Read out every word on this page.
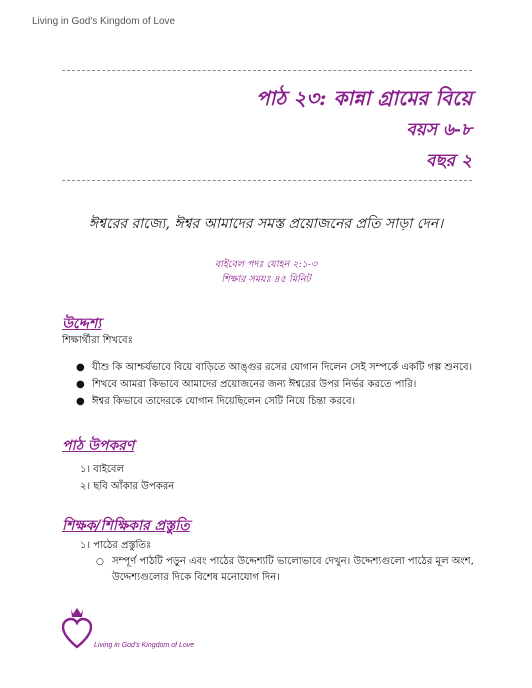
Living in God's Kingdom of Love
পাঠ ২৩: কান্না গ্রামের বিয়ে
বয়স ৬-৮
বছর ২
ঈশ্বরের রাজ্যে, ঈশ্বর আমাদের সমস্ত প্রয়োজনের প্রতি সাড়া দেন।
বাইবেল পদঃ যোহন ২:১-৩
শিক্ষার সময়ঃ ৪৫ মিনিট
উদ্দেশ্য
শিক্ষার্থীরা শিখবেঃ
● যীশু কি আশ্চর্যভাবে বিয়ে বাড়িতে আঙ্গুর রসের যোগান দিলেন সেই সম্পর্কে একটি গল্প শুনবে।
● শিখবে আমরা কিভাবে আমাদের প্রয়োজনের জন্য ঈশ্বরের উপর নির্ভর করতে পারি।
● ঈশ্বর কিভাবে তাদেরকে যোগান দিয়েছিলেন সেটি নিয়ে চিন্তা করবে।
পাঠ উপকরণ
১। বাইবেল
২। ছবি আঁকার উপকরন
শিক্ষক/শিক্ষিকার প্রস্তুতি
১। পাঠের প্রস্তুতিঃ
○ সম্পূর্ণ পাঠটি পড়ুন এবং পাঠের উদ্দেশ্যটি ভালোভাবে দেখুন। উদ্দেশ্যগুলো পাঠের মূল অংশ, উদ্দেশ্যগুলোর দিকে বিশেষ মনোযোগ দিন।
Living in God's Kingdom of Love
